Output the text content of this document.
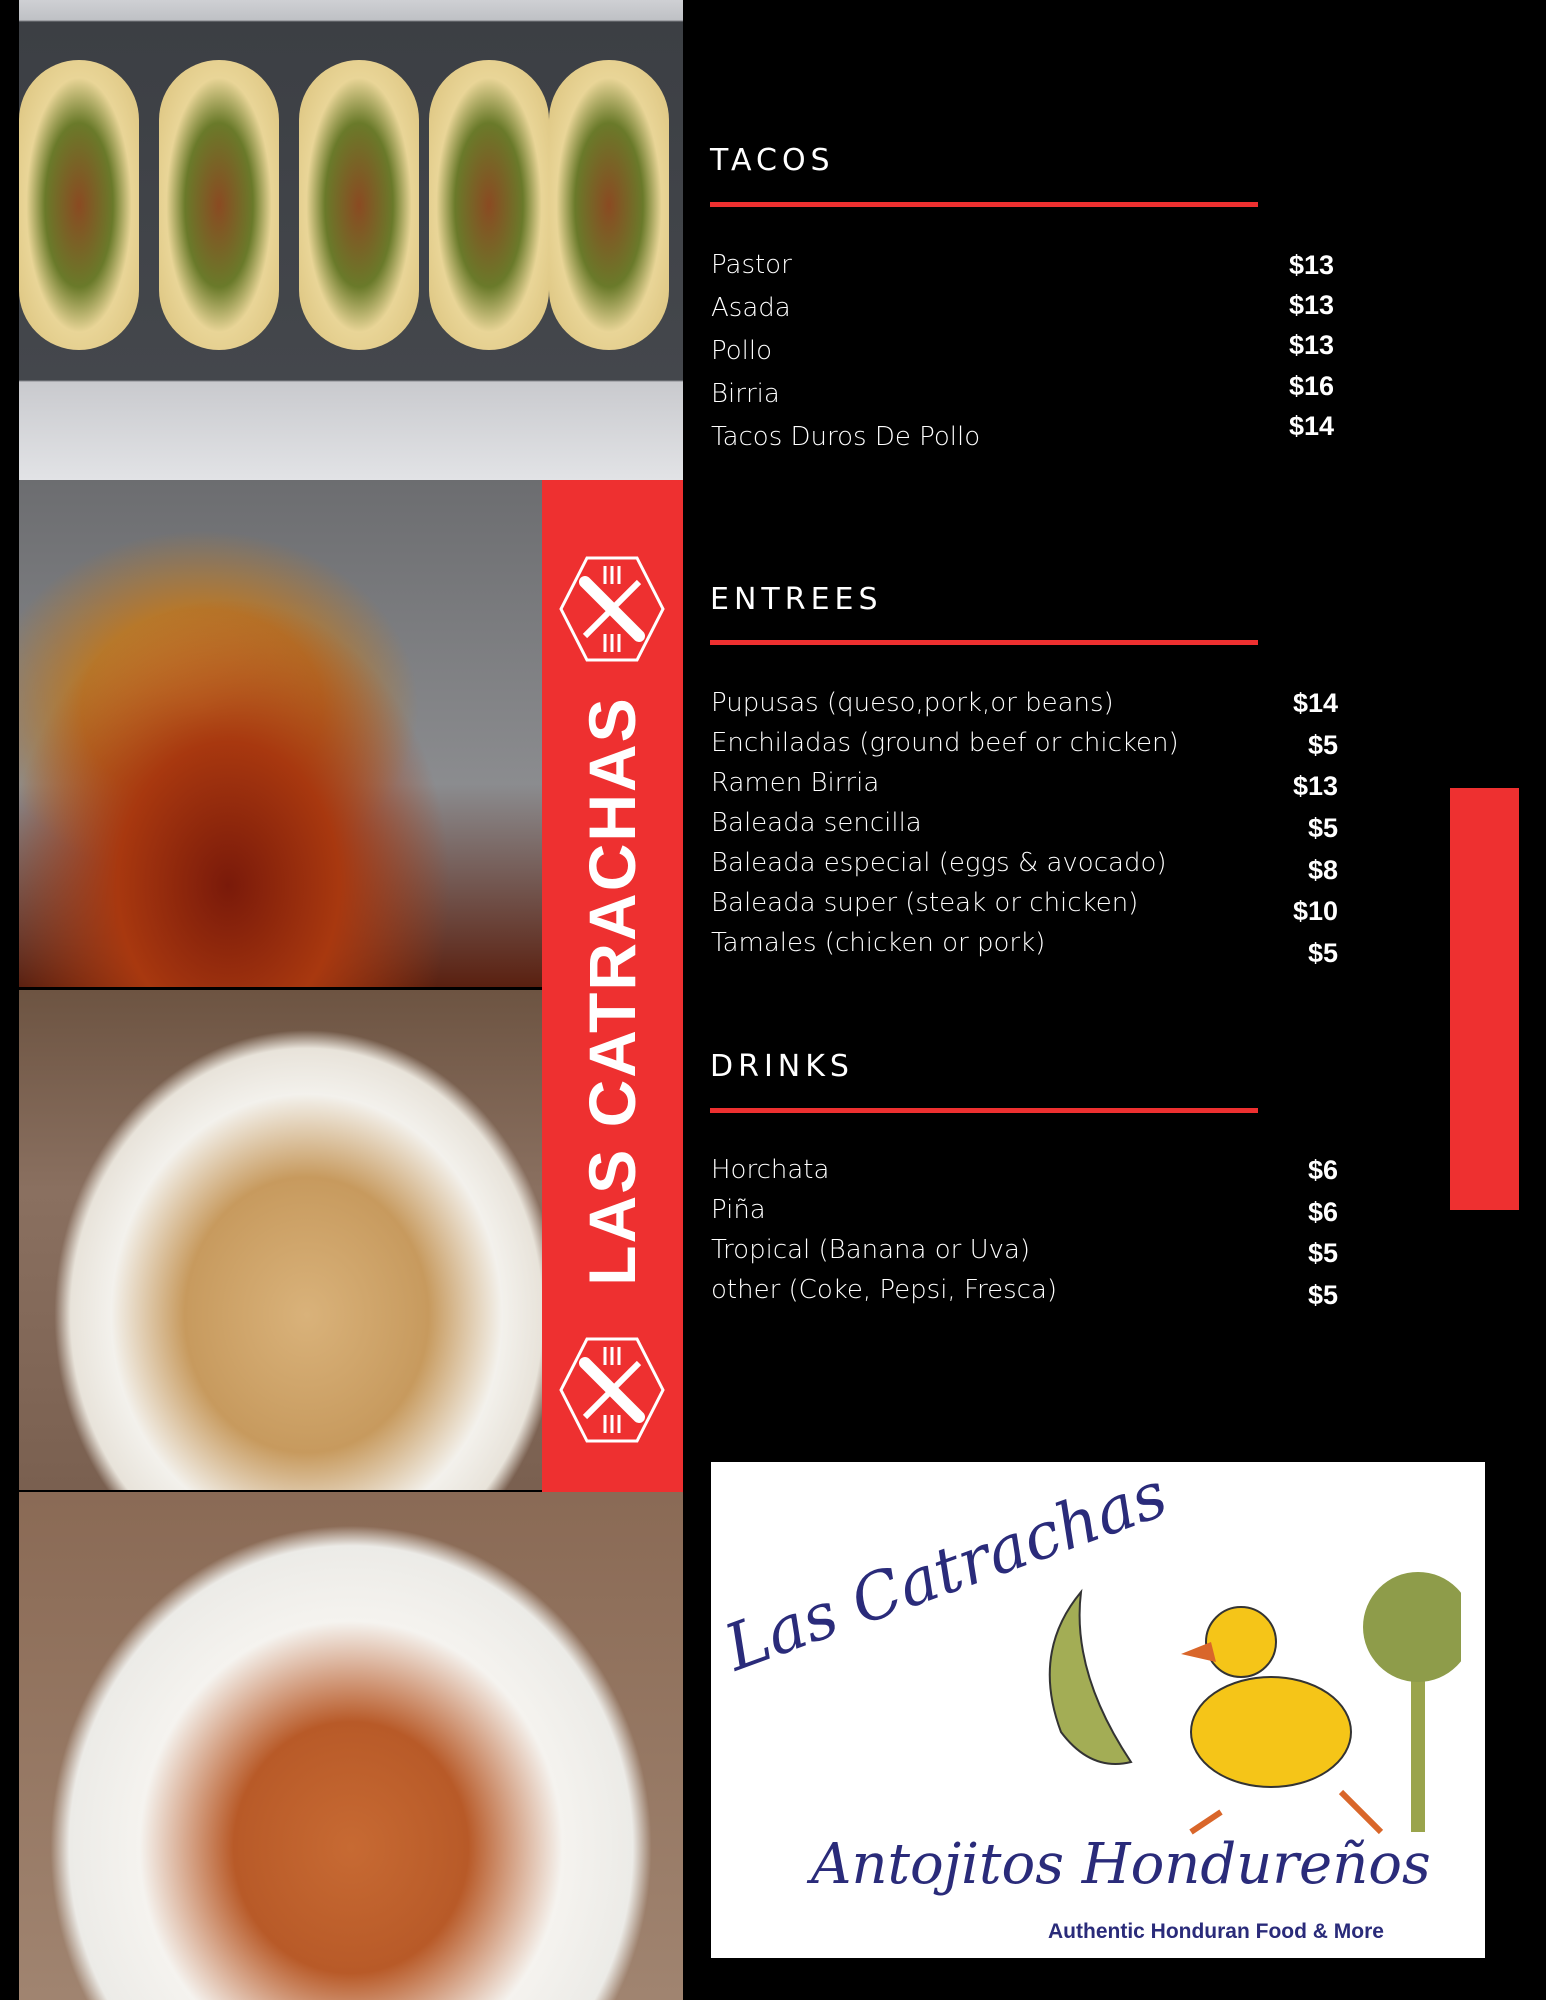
LAS CATRACHAS
TACOS
Pastor	$13
Asada	$13
Pollo	$13
Birria	$16
Tacos Duros De Pollo	$14
ENTREES
Pupusas (queso,pork,or beans)	$14
Enchiladas (ground beef or chicken)	$5
Ramen Birria	$13
Baleada sencilla	$5
Baleada especial (eggs & avocado)	$8
Baleada super (steak or chicken)	$10
Tamales (chicken or pork)	$5
DRINKS
Horchata	$6
Piña	$6
Tropical (Banana or Uva)	$5
other (Coke, Pepsi, Fresca)	$5
Las Catrachas
Antojitos Hondureños
Authentic Honduran Food & More
